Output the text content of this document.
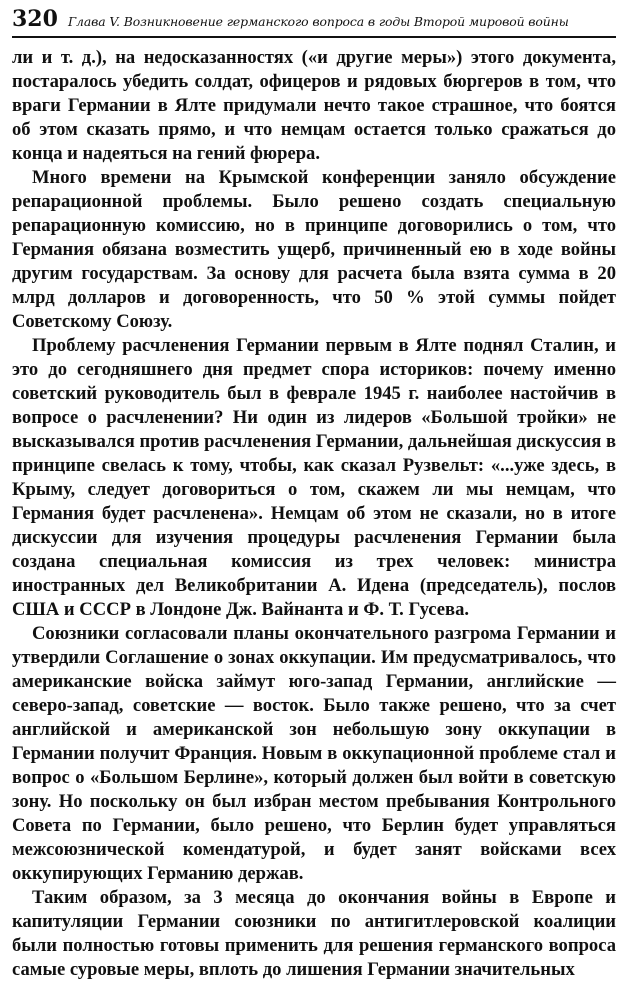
320 Глава V. Возникновение германского вопроса в годы Второй мировой войны

ли и т. д.), на недосказанностях («и другие меры») этого документа, постаралось убедить солдат, офицеров и рядовых бюргеров в том, что враги Германии в Ялте придумали нечто такое страшное, что боятся об этом сказать прямо, и что немцам остается только сражаться до конца и надеяться на гений фюрера.

Много времени на Крымской конференции заняло обсуждение репарационной проблемы. Было решено создать специальную репарационную комиссию, но в принципе договорились о том, что Германия обязана возместить ущерб, причиненный ею в ходе войны другим государствам. За основу для расчета была взята сумма в 20 млрд долларов и договоренность, что 50 % этой суммы пойдет Советскому Союзу.

Проблему расчленения Германии первым в Ялте поднял Сталин, и это до сегодняшнего дня предмет спора историков: почему именно советский руководитель был в феврале 1945 г. наиболее настойчив в вопросе о расчленении? Ни один из лидеров «Большой тройки» не высказывался против расчленения Германии, дальнейшая дискуссия в принципе свелась к тому, чтобы, как сказал Рузвельт: «...уже здесь, в Крыму, следует договориться о том, скажем ли мы немцам, что Германия будет расчленена». Немцам об этом не сказали, но в итоге дискуссии для изучения процедуры расчленения Германии была создана специальная комиссия из трех человек: министра иностранных дел Великобритании А. Идена (председатель), послов США и СССР в Лондоне Дж. Вайнанта и Ф. Т. Гусева.

Союзники согласовали планы окончательного разгрома Германии и утвердили Соглашение о зонах оккупации. Им предусматривалось, что американские войска займут юго-запад Германии, английские — северо-запад, советские — восток. Было также решено, что за счет английской и американской зон небольшую зону оккупации в Германии получит Франция. Новым в оккупационной проблеме стал и вопрос о «Большом Берлине», который должен был войти в советскую зону. Но поскольку он был избран местом пребывания Контрольного Совета по Германии, было решено, что Берлин будет управляться межсоюзнической комендатурой, и будет занят войсками всех оккупирующих Германию держав.

Таким образом, за 3 месяца до окончания войны в Европе и капитуляции Германии союзники по антигитлеровской коалиции были полностью готовы применить для решения германского вопроса самые суровые меры, вплоть до лишения Германии значительных
